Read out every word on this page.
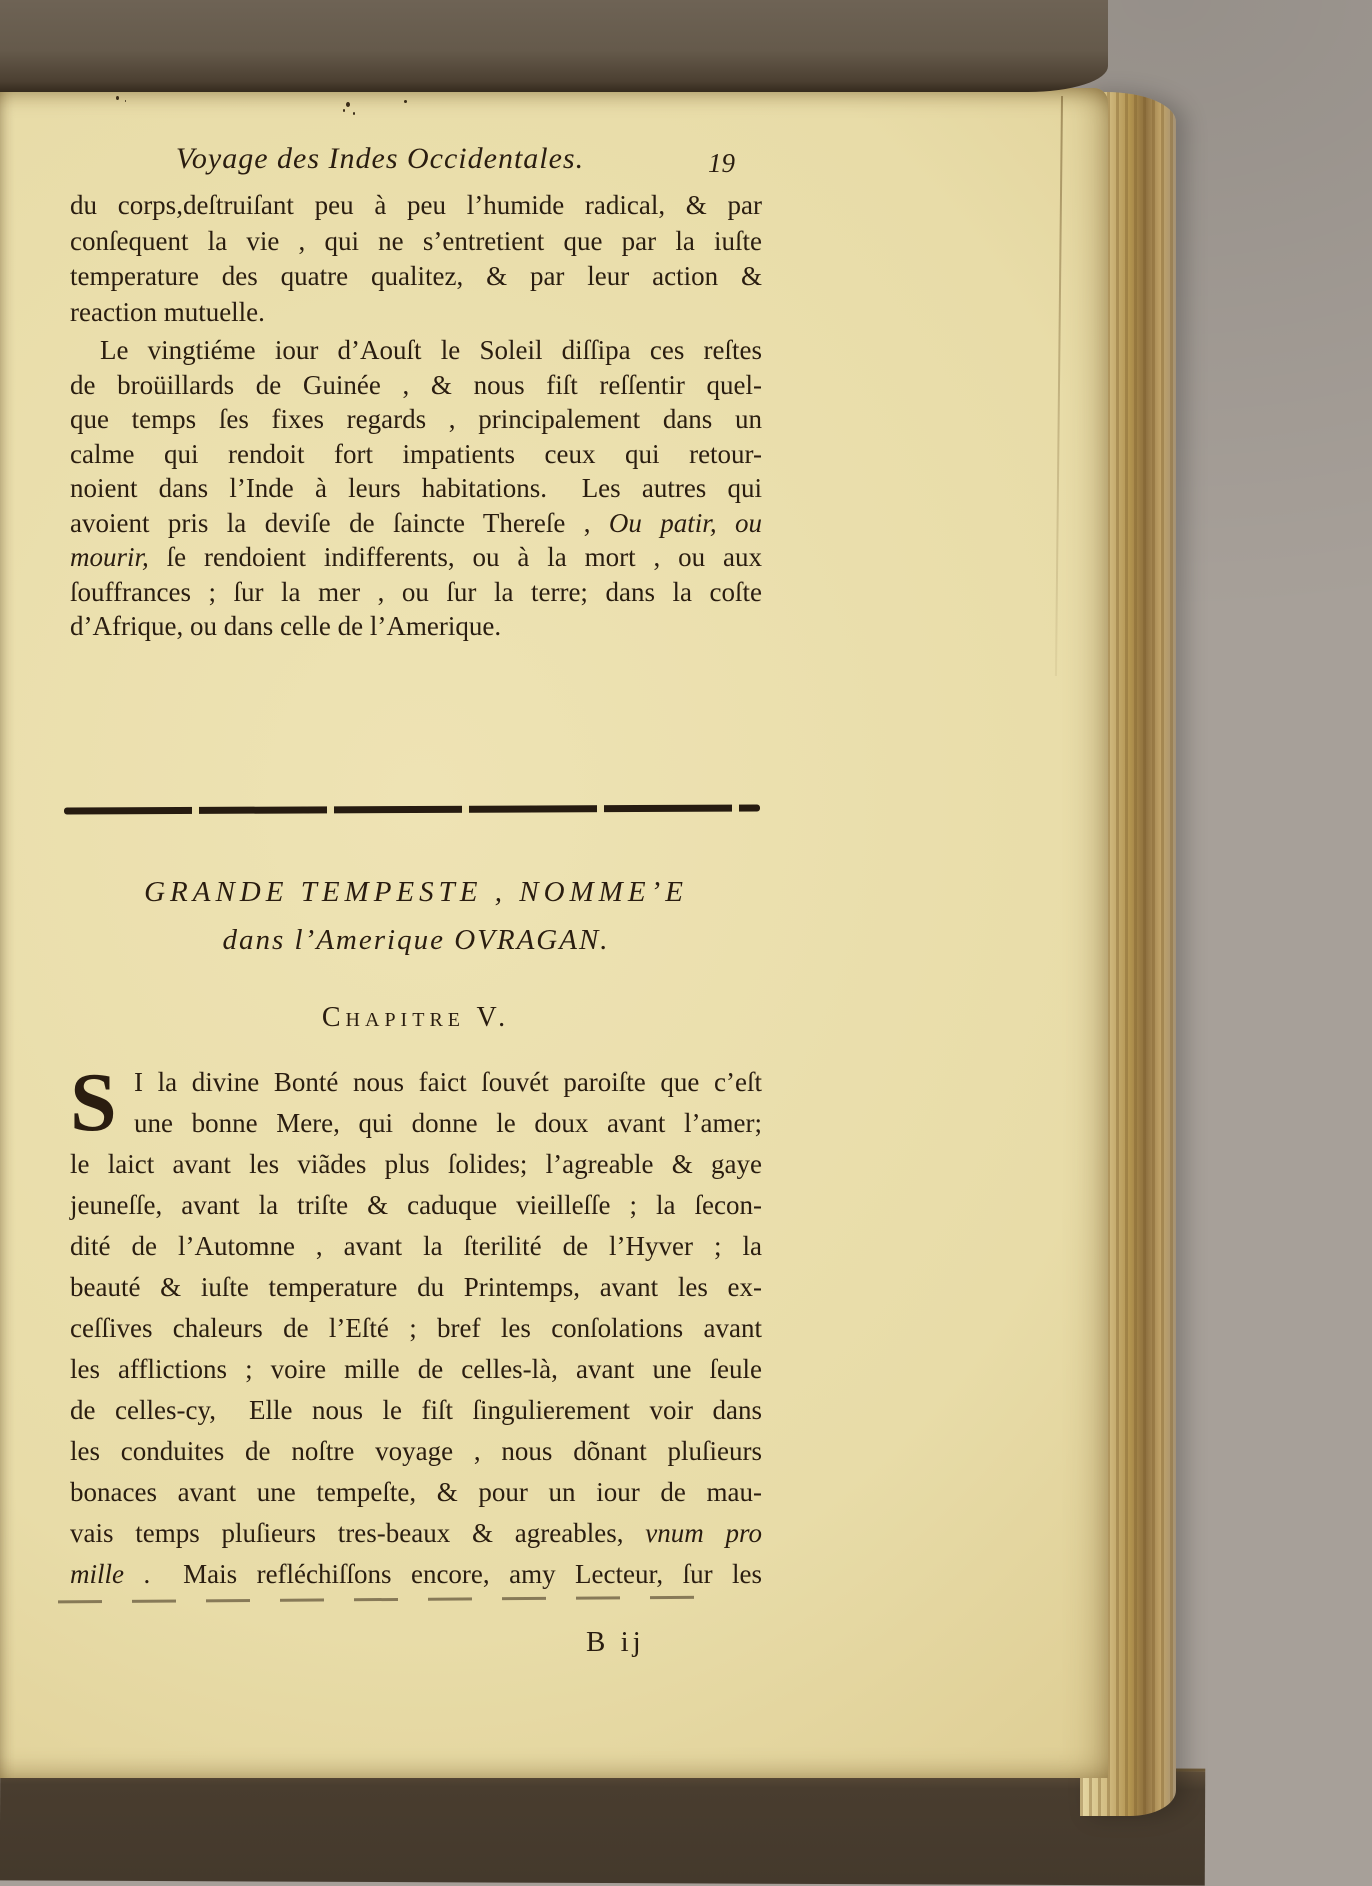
Voyage des Indes Occidentales.	19
du corps,deſtruiſant peu à peu l’humide radical, & par
conſequent la vie , qui ne s’entretient que par la iuſte
temperature des quatre qualitez, & par leur action &
reaction mutuelle.
Le vingtiéme iour d’Aouſt le Soleil diſſipa ces reſtes
de broüillards de Guinée , & nous fiſt reſſentir quel-
que temps ſes fixes regards , principalement dans un
calme qui rendoit fort impatients ceux qui retour-
noient dans l’Inde à leurs habitations.  Les autres qui
avoient pris la deviſe de ſaincte Thereſe , Ou patir, ou
mourir, ſe rendoient indifferents, ou à la mort , ou aux
ſouffrances ; ſur la mer , ou ſur la terre; dans la coſte
d’Afrique, ou dans celle de l’Amerique.
GRANDE TEMPESTE , NOMME’E
dans l’Amerique OVRAGAN.
Chapitre V.
S I la divine Bonté nous faict ſouvét paroiſte que c’eſt
une bonne Mere, qui donne le doux avant l’amer;
le laict avant les viãdes plus ſolides; l’agreable & gaye
jeuneſſe, avant la triſte & caduque vieilleſſe ; la ſecon-
dité de l’Automne , avant la ſterilité de l’Hyver ; la
beauté & iuſte temperature du Printemps, avant les ex-
ceſſives chaleurs de l’Eſté ; bref les conſolations avant
les afflictions ; voire mille de celles-là, avant une ſeule
de celles-cy,  Elle nous le fiſt ſingulierement voir dans
les conduites de noſtre voyage , nous dõnant pluſieurs
bonaces avant une tempeſte, & pour un iour de mau-
vais temps pluſieurs tres-beaux & agreables, vnum pro
mille .  Mais refléchiſſons encore, amy Lecteur, ſur les
B ij
